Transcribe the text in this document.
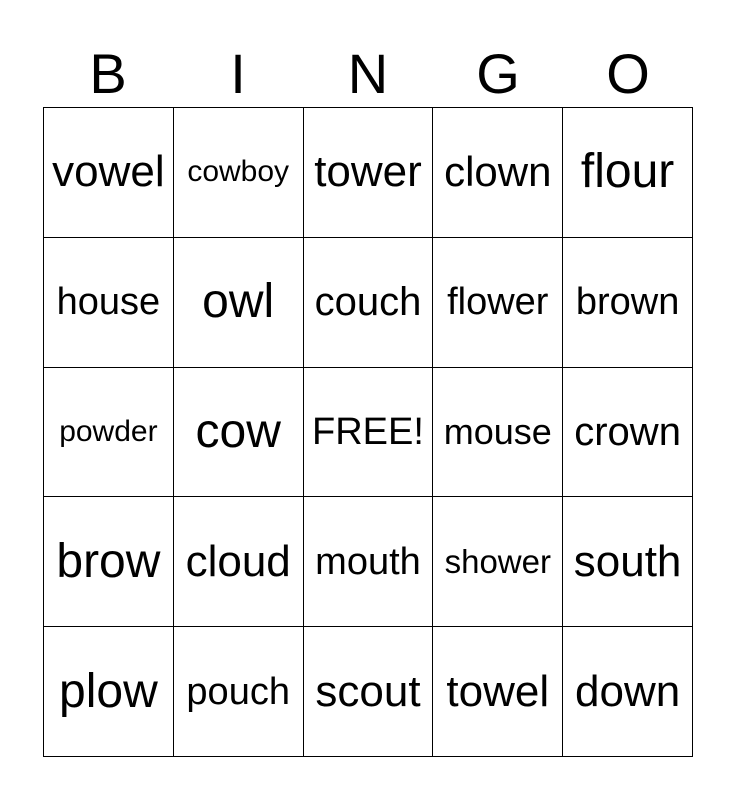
B	I	N	G	O
vowel cowboy tower clown flour
house owl	couch flower brown
powder cow FREE! mouse crown
brow cloud mouth shower south
plow pouch scout towel down
